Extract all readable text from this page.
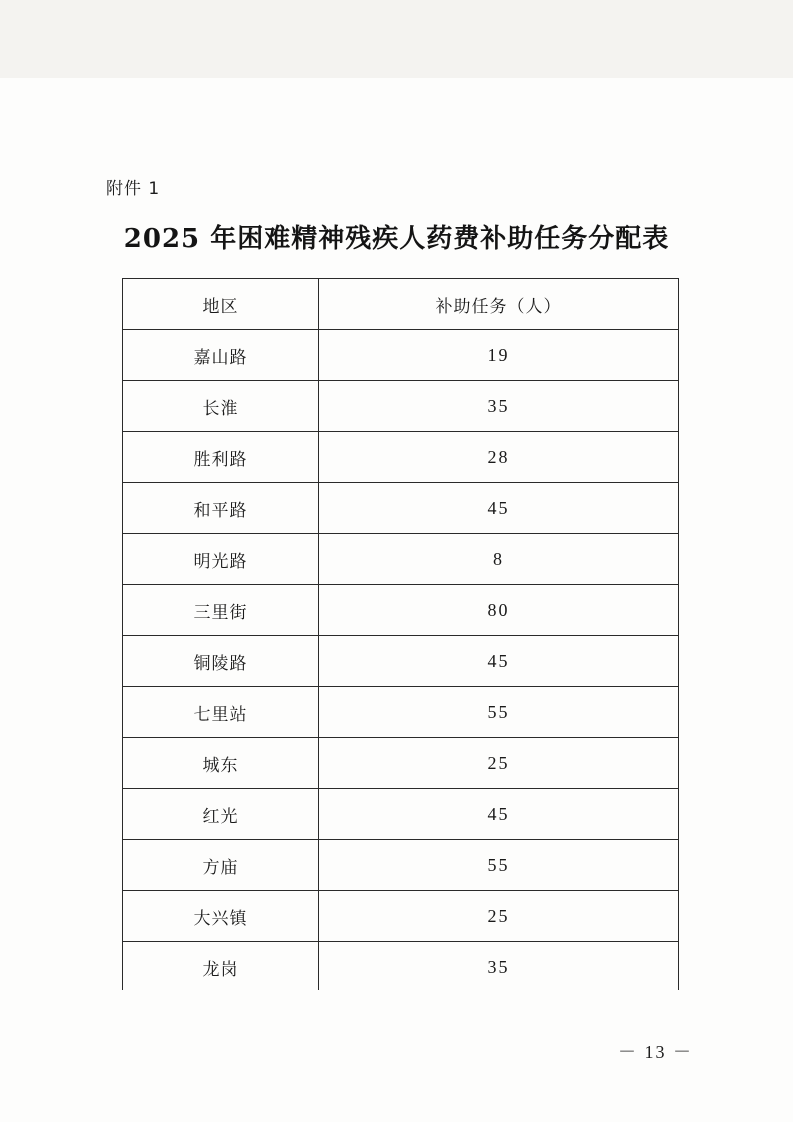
附件 1
2025 年困难精神残疾人药费补助任务分配表
地区	补助任务（人）
嘉山路	19
长淮	35
胜利路	28
和平路	45
明光路	8
三里街	80
铜陵路	45
七里站	55
城东	25
红光	45
方庙	55
大兴镇	25
龙岗	35
－ 13 －
